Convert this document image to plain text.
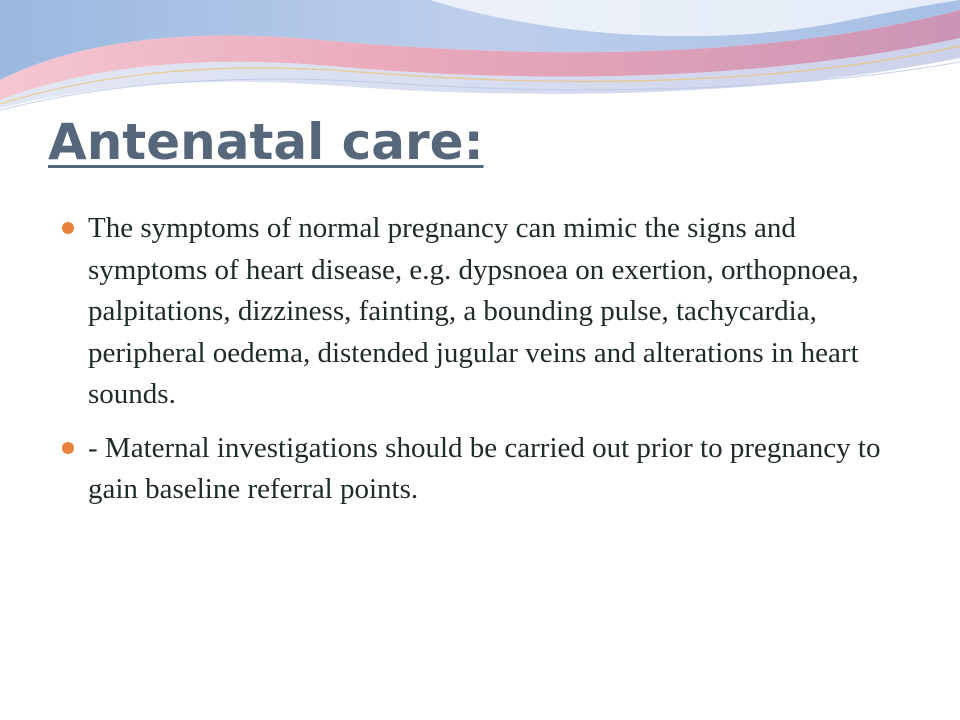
Antenatal care:
The symptoms of normal pregnancy can mimic the signs and symptoms of heart disease, e.g. dypsnoea on exertion, orthopnoea, palpitations, dizziness, fainting, a bounding pulse, tachycardia, peripheral oedema, distended jugular veins and alterations in heart sounds.
- Maternal investigations should be carried out prior to pregnancy to gain baseline referral points.
